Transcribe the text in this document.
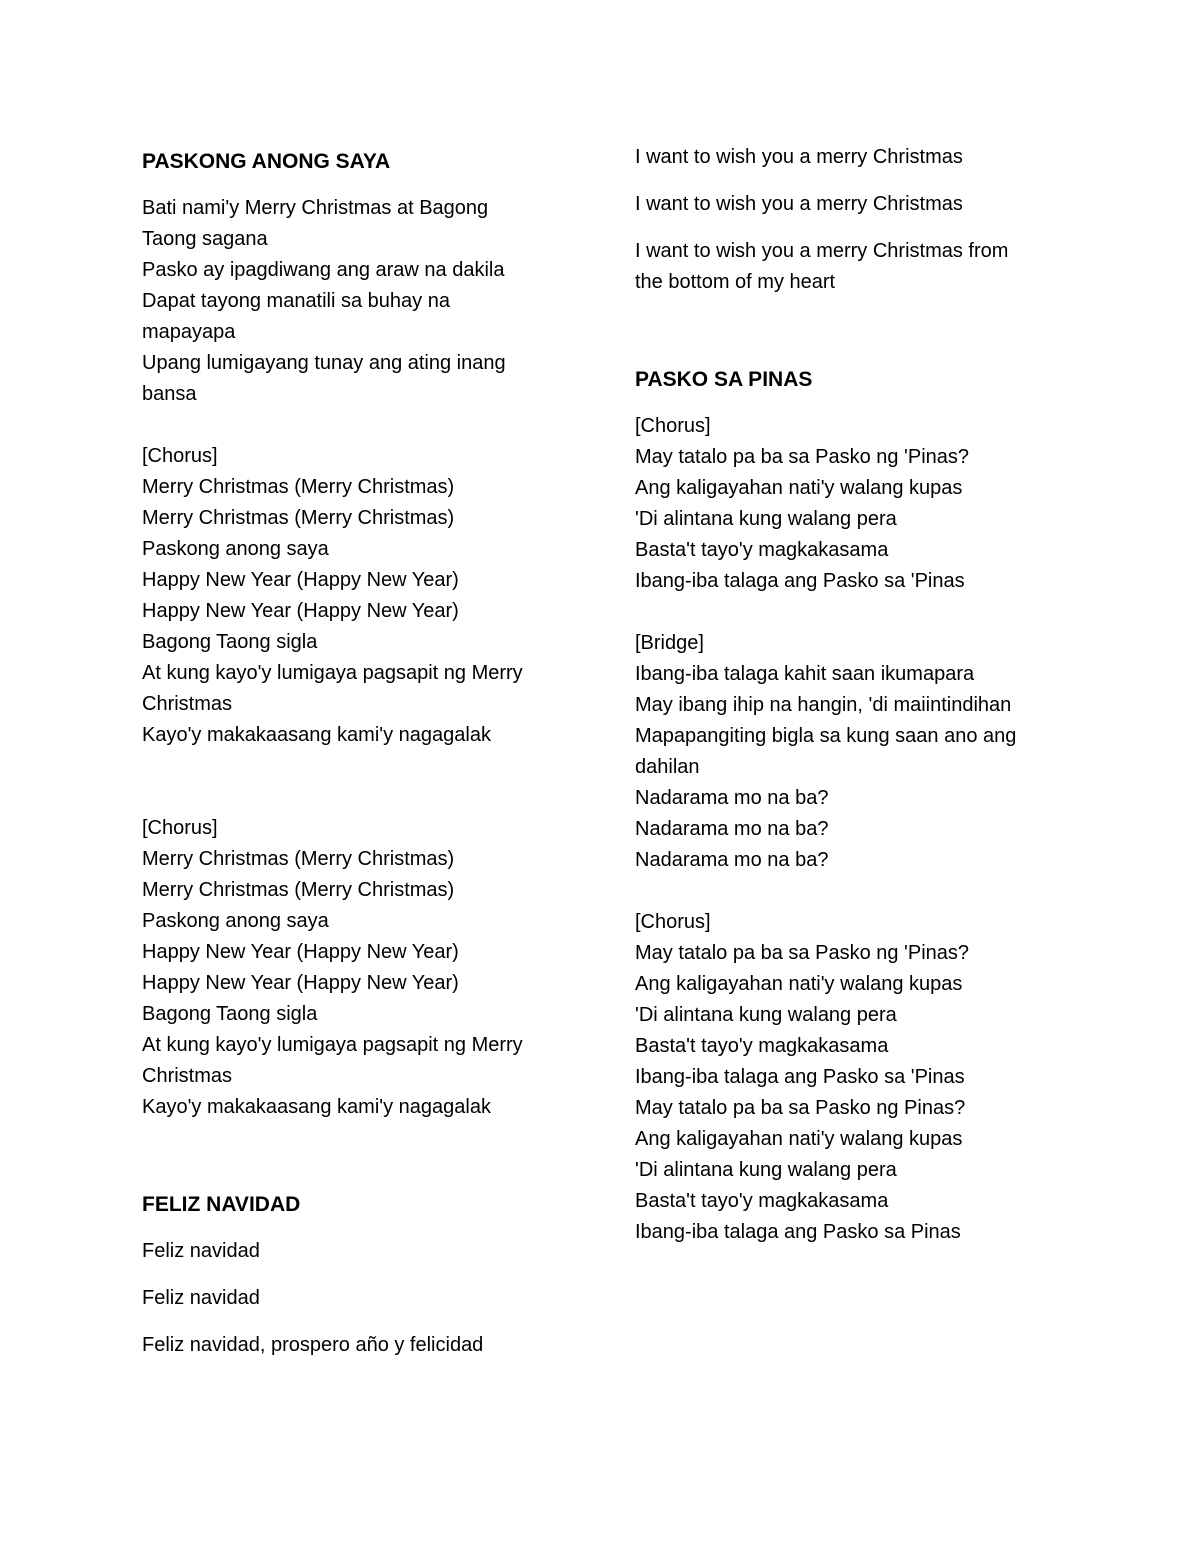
PASKONG ANONG SAYA
Bati nami'y Merry Christmas at Bagong
Taong sagana
Pasko ay ipagdiwang ang araw na dakila
Dapat tayong manatili sa buhay na
mapayapa
Upang lumigayang tunay ang ating inang
bansa
[Chorus]
Merry Christmas (Merry Christmas)
Merry Christmas (Merry Christmas)
Paskong anong saya
Happy New Year (Happy New Year)
Happy New Year (Happy New Year)
Bagong Taong sigla
At kung kayo'y lumigaya pagsapit ng Merry
Christmas
Kayo'y makakaasang kami'y nagagalak
[Chorus]
Merry Christmas (Merry Christmas)
Merry Christmas (Merry Christmas)
Paskong anong saya
Happy New Year (Happy New Year)
Happy New Year (Happy New Year)
Bagong Taong sigla
At kung kayo'y lumigaya pagsapit ng Merry
Christmas
Kayo'y makakaasang kami'y nagagalak
FELIZ NAVIDAD
Feliz navidad
Feliz navidad
Feliz navidad, prospero año y felicidad
I want to wish you a merry Christmas
I want to wish you a merry Christmas
I want to wish you a merry Christmas from
the bottom of my heart
PASKO SA PINAS
[Chorus]
May tatalo pa ba sa Pasko ng 'Pinas?
Ang kaligayahan nati'y walang kupas
'Di alintana kung walang pera
Basta't tayo'y magkakasama
Ibang-iba talaga ang Pasko sa 'Pinas
[Bridge]
Ibang-iba talaga kahit saan ikumapara
May ibang ihip na hangin, 'di maiintindihan
Mapapangiting bigla sa kung saan ano ang
dahilan
Nadarama mo na ba?
Nadarama mo na ba?
Nadarama mo na ba?
[Chorus]
May tatalo pa ba sa Pasko ng 'Pinas?
Ang kaligayahan nati'y walang kupas
'Di alintana kung walang pera
Basta't tayo'y magkakasama
Ibang-iba talaga ang Pasko sa 'Pinas
May tatalo pa ba sa Pasko ng Pinas?
Ang kaligayahan nati'y walang kupas
'Di alintana kung walang pera
Basta't tayo'y magkakasama
Ibang-iba talaga ang Pasko sa Pinas
